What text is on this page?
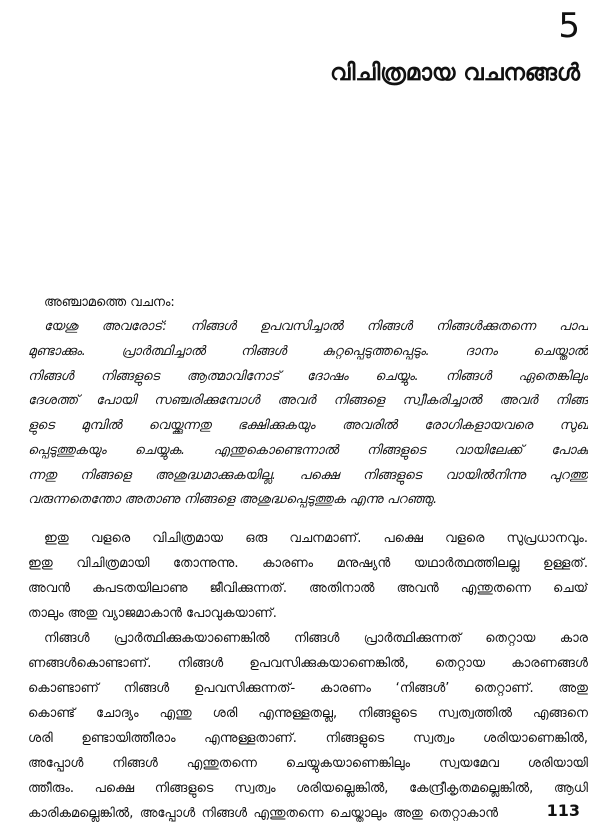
5
വിചിത്രമായ വചനങ്ങൾ
അഞ്ചാമത്തെ വചനം:
യേശു അവരോട്: നിങ്ങൾ ഉപവസിച്ചാൽ നിങ്ങൾ നിങ്ങൾക്കുതന്നെ പാപ
മുണ്ടാക്കും. പ്രാർത്ഥിച്ചാൽ നിങ്ങൾ കുറ്റപ്പെടുത്തപ്പെടും. ദാനം ചെയ്താൽ
നിങ്ങൾ നിങ്ങളുടെ ആത്മാവിനോട് ദോഷം ചെയ്യും. നിങ്ങൾ ഏതെങ്കിലും
ദേശത്ത് പോയി സഞ്ചരിക്കുമ്പോൾ അവർ നിങ്ങളെ സ്വീകരിച്ചാൽ അവർ നിങ്ങ
ളുടെ മുമ്പിൽ വെയ്ക്കുന്നതു ഭക്ഷിക്കുകയും അവരിൽ രോഗികളായവരെ സുഖ
പ്പെടുത്തുകയും ചെയ്യുക. എന്തുകൊണ്ടെന്നാൽ നിങ്ങളുടെ വായിലേക്ക് പോകു
ന്നതു നിങ്ങളെ അശുദ്ധമാക്കുകയില്ല. പക്ഷെ നിങ്ങളുടെ വായിൽനിന്നു പുറത്തു
വരുന്നതെന്തോ അതാണു നിങ്ങളെ അശുദ്ധപ്പെടുത്തുക എന്നു പറഞ്ഞു.
ഇതു വളരെ വിചിത്രമായ ഒരു വചനമാണ്. പക്ഷെ വളരെ സുപ്രധാനവും.
ഇതു വിചിത്രമായി തോന്നുന്നു. കാരണം മനുഷ്യൻ യഥാർത്ഥത്തിലല്ല ഉള്ളത്.
അവൻ കപടതയിലാണു ജീവിക്കുന്നത്. അതിനാൽ അവൻ എന്തുതന്നെ ചെയ്
താലും അതു വ്യാജമാകാൻ പോവുകയാണ്.
നിങ്ങൾ പ്രാർത്ഥിക്കുകയാണെങ്കിൽ നിങ്ങൾ പ്രാർത്ഥിക്കുന്നത് തെറ്റായ കാര
ണങ്ങൾകൊണ്ടാണ്. നിങ്ങൾ ഉപവസിക്കുകയാണെങ്കിൽ, തെറ്റായ കാരണങ്ങൾ
കൊണ്ടാണ് നിങ്ങൾ ഉപവസിക്കുന്നത്- കാരണം ‘നിങ്ങൾ’ തെറ്റാണ്. അതു
കൊണ്ട് ചോദ്യം എന്തു ശരി എന്നുള്ളതല്ല, നിങ്ങളുടെ സ്വത്വത്തിൽ എങ്ങനെ
ശരി ഉണ്ടായിത്തീരാം എന്നുള്ളതാണ്. നിങ്ങളുടെ സ്വത്വം ശരിയാണെങ്കിൽ,
അപ്പോൾ നിങ്ങൾ എന്തുതന്നെ ചെയ്യുകയാണെങ്കിലും സ്വയമേവ ശരിയായി
ത്തീരും. പക്ഷെ നിങ്ങളുടെ സ്വത്വം ശരിയല്ലെങ്കിൽ, കേന്ദ്രീകൃതമല്ലെങ്കിൽ, ആധി
കാരികമല്ലെങ്കിൽ, അപ്പോൾ നിങ്ങൾ എന്തുതന്നെ ചെയ്താലും അതു തെറ്റാകാൻ	113
